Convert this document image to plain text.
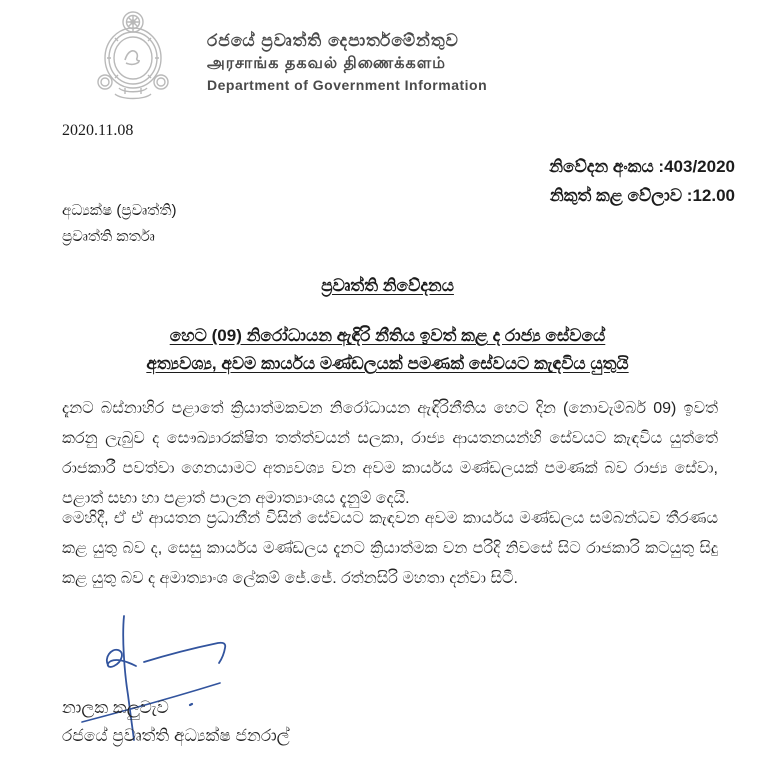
රජයේ ප්‍රවෘත්ති දෙපාර්තමේන්තුව
அரசாங்க தகவல் திணைக்களம்
Department of Government Information
2020.11.08
නිවේදන අංකය :403/2020
නිකුත් කළ වේලාව :12.00
අධ්‍යක්ෂ (ප්‍රවෘත්ති)
ප්‍රවෘත්ති කර්තෘ
ප්‍රවෘත්ති නිවේදනය
හෙට (09) නිරෝධායන ඇඳිරි නීතිය ඉවත් කළ ද රාජ්‍ය සේවයේ
අත්‍යවශ්‍ය, අවම කාර්යය මණ්ඩලයක් පමණක් සේවයට කැඳවිය යුතුයි
දැනට බස්නාහිර පළාතේ ක්‍රියාත්මකවන නිරෝධායන ඇඳිරිනීතිය හෙට දින (නොවැම්බර් 09) ඉවත් කරනු ලැබුව ද සෞඛ්‍යාරක්ෂිත තත්ත්වයන් සලකා, රාජ්‍ය ආයතනයන්හි සේවයට කැඳවිය යුත්තේ රාජකාරී පවත්වා ගෙනයාමට අත්‍යවශ්‍ය වන අවම කාර්යය මණ්ඩලයක් පමණක් බව රාජ්‍ය සේවා, පළාත් සභා හා පළාත් පාලන අමාත්‍යාංශය දැනුම් දෙයි.
මෙහිදී, ඒ ඒ ආයතන ප්‍රධානීන් විසින් සේවයට කැඳවන අවම කාර්යය මණ්ඩලය සම්බන්ධව තීරණය කළ යුතු බව ද, සෙසු කාර්යය මණ්ඩලය දැනට ක්‍රියාත්මක වන පරිදි නිවසේ සිට රාජකාරි කටයුතු සිදු කළ යුතු බව ද අමාත්‍යාංශ ලේකම් ජේ.ජේ. රත්නසිරි මහතා දන්වා සිටී.
නාලක කලුවැව
රජයේ ප්‍රවෘත්ති අධ්‍යක්ෂ ජනරාල්
